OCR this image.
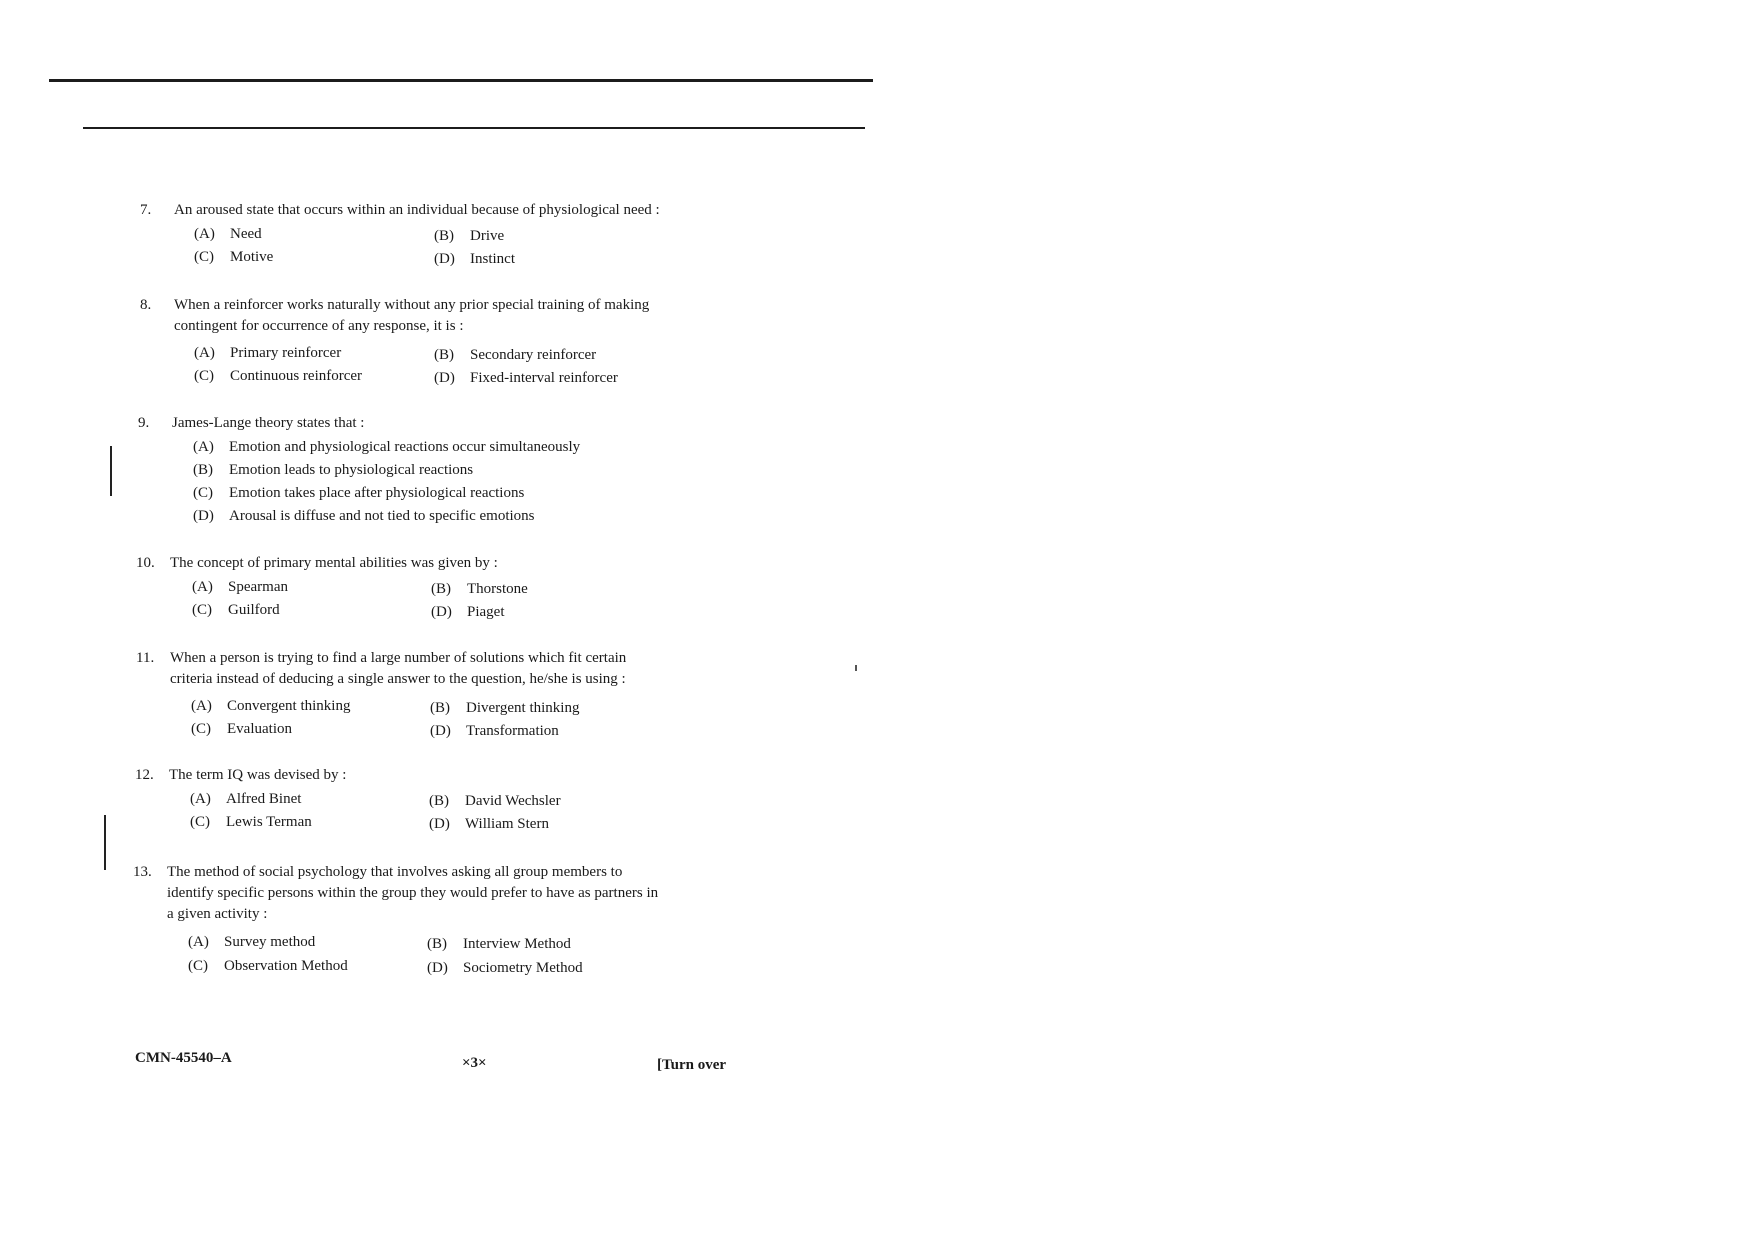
7.	An aroused state that occurs within an individual because of physiological need :
(A) Need	(B) Drive
(C) Motive	(D) Instinct
8.	When a reinforcer works naturally without any prior special training of making contingent for occurrence of any response, it is :
(A) Primary reinforcer	(B) Secondary reinforcer
(C) Continuous reinforcer	(D) Fixed-interval reinforcer
9.	James-Lange theory states that :
(A) Emotion and physiological reactions occur simultaneously
(B) Emotion leads to physiological reactions
(C) Emotion takes place after physiological reactions
(D) Arousal is diffuse and not tied to specific emotions
10.	The concept of primary mental abilities was given by :
(A) Spearman	(B) Thorstone
(C) Guilford	(D) Piaget
11.	When a person is trying to find a large number of solutions which fit certain criteria instead of deducing a single answer to the question, he/she is using :
(A) Convergent thinking	(B) Divergent thinking
(C) Evaluation	(D) Transformation
12.	The term IQ was devised by :
(A) Alfred Binet	(B) David Wechsler
(C) Lewis Terman	(D) William Stern
13.	The method of social psychology that involves asking all group members to identify specific persons within the group they would prefer to have as partners in a given activity :
(A) Survey method	(B) Interview Method
(C) Observation Method	(D) Sociometry Method
CMN-45540–A	×3×	[Turn over
